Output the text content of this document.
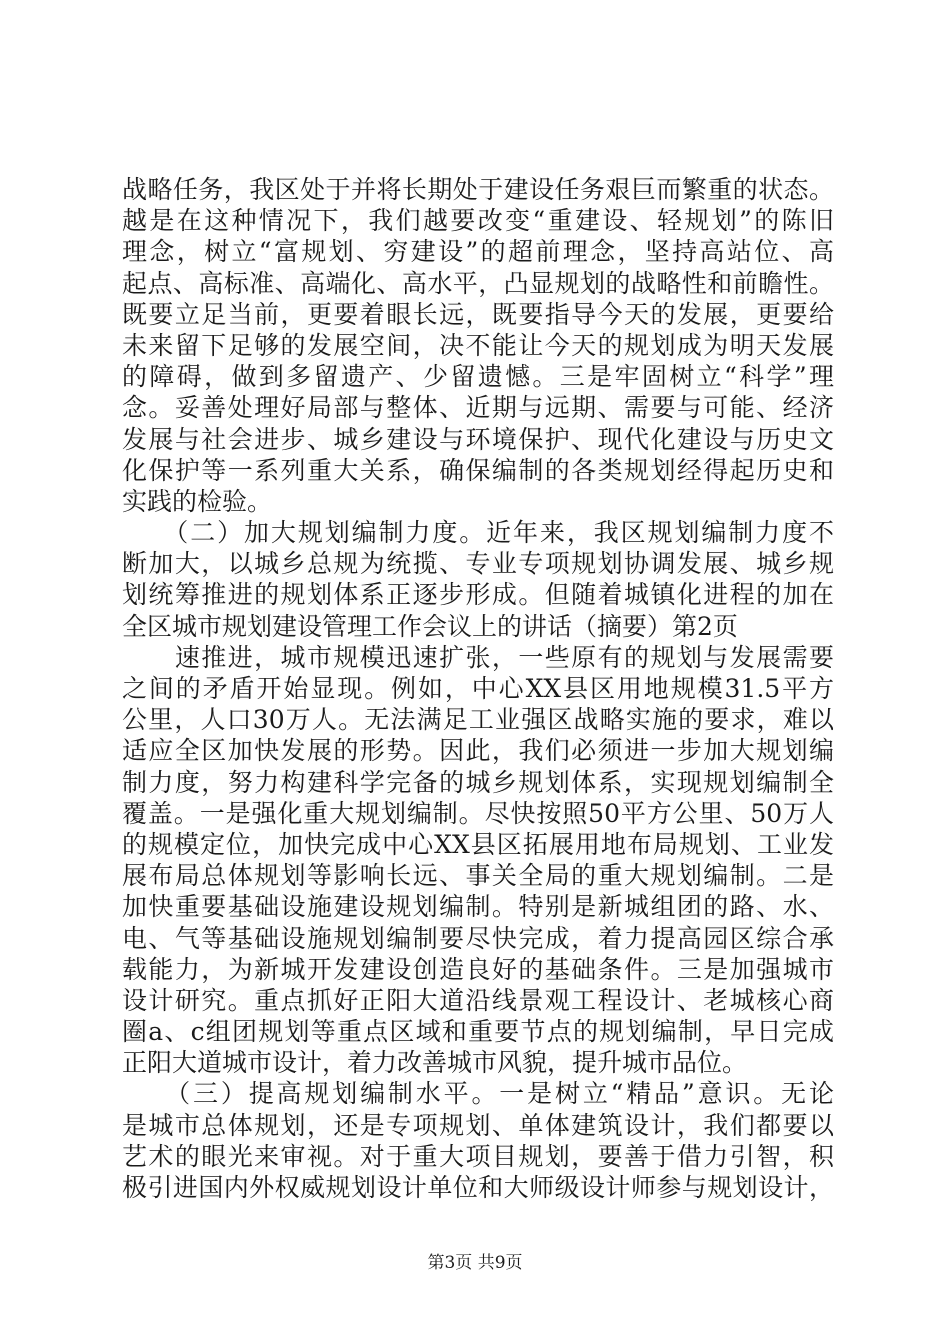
战略任务，我区处于并将长期处于建设任务艰巨而繁重的状态。
越是在这种情况下，我们越要改变“重建设、轻规划”的陈旧
理念，树立“富规划、穷建设”的超前理念，坚持高站位、高
起点、高标准、高端化、高水平，凸显规划的战略性和前瞻性。
既要立足当前，更要着眼长远，既要指导今天的发展，更要给
未来留下足够的发展空间，决不能让今天的规划成为明天发展
的障碍，做到多留遗产、少留遗憾。三是牢固树立“科学”理
念。妥善处理好局部与整体、近期与远期、需要与可能、经济
发展与社会进步、城乡建设与环境保护、现代化建设与历史文
化保护等一系列重大关系，确保编制的各类规划经得起历史和
实践的检验。
　　（二）加大规划编制力度。近年来，我区规划编制力度不
断加大，以城乡总规为统揽、专业专项规划协调发展、城乡规
划统筹推进的规划体系正逐步形成。但随着城镇化进程的加在
全区城市规划建设管理工作会议上的讲话（摘要）第2页
　　速推进，城市规模迅速扩张，一些原有的规划与发展需要
之间的矛盾开始显现。例如，中心XX县区用地规模31.5平方
公里，人口30万人。无法满足工业强区战略实施的要求，难以
适应全区加快发展的形势。因此，我们必须进一步加大规划编
制力度，努力构建科学完备的城乡规划体系，实现规划编制全
覆盖。一是强化重大规划编制。尽快按照50平方公里、50万人
的规模定位，加快完成中心XX县区拓展用地布局规划、工业发
展布局总体规划等影响长远、事关全局的重大规划编制。二是
加快重要基础设施建设规划编制。特别是新城组团的路、水、
电、气等基础设施规划编制要尽快完成，着力提高园区综合承
载能力，为新城开发建设创造良好的基础条件。三是加强城市
设计研究。重点抓好正阳大道沿线景观工程设计、老城核心商
圈a、c组团规划等重点区域和重要节点的规划编制，早日完成
正阳大道城市设计，着力改善城市风貌，提升城市品位。
　　（三）提高规划编制水平。一是树立“精品”意识。无论
是城市总体规划，还是专项规划、单体建筑设计，我们都要以
艺术的眼光来审视。对于重大项目规划，要善于借力引智，积
极引进国内外权威规划设计单位和大师级设计师参与规划设计，
第3页 共9页
